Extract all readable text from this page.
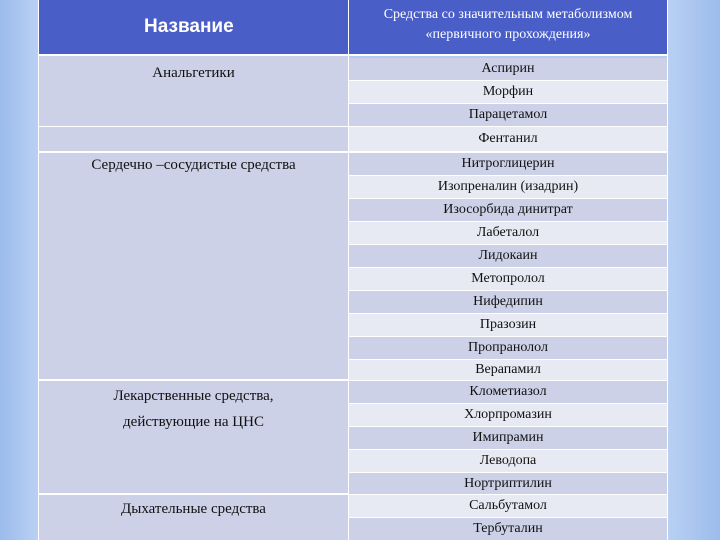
Название
Средства со значительным метаболизмом «первичного прохождения»
Анальгетики
Сердечно –сосудистые средства
Лекарственные средства, действующие на ЦНС
Дыхательные средства
Аспирин
Морфин
Парацетамол
Фентанил
Нитроглицерин
Изопреналин (изадрин)
Изосорбида динитрат
Лабеталол
Лидокаин
Метопролол
Нифедипин
Празозин
Пропранолол
Верапамил
Клометиазол
Хлорпромазин
Имипрамин
Леводопа
Нортриптилин
Сальбутамол
Тербуталин
